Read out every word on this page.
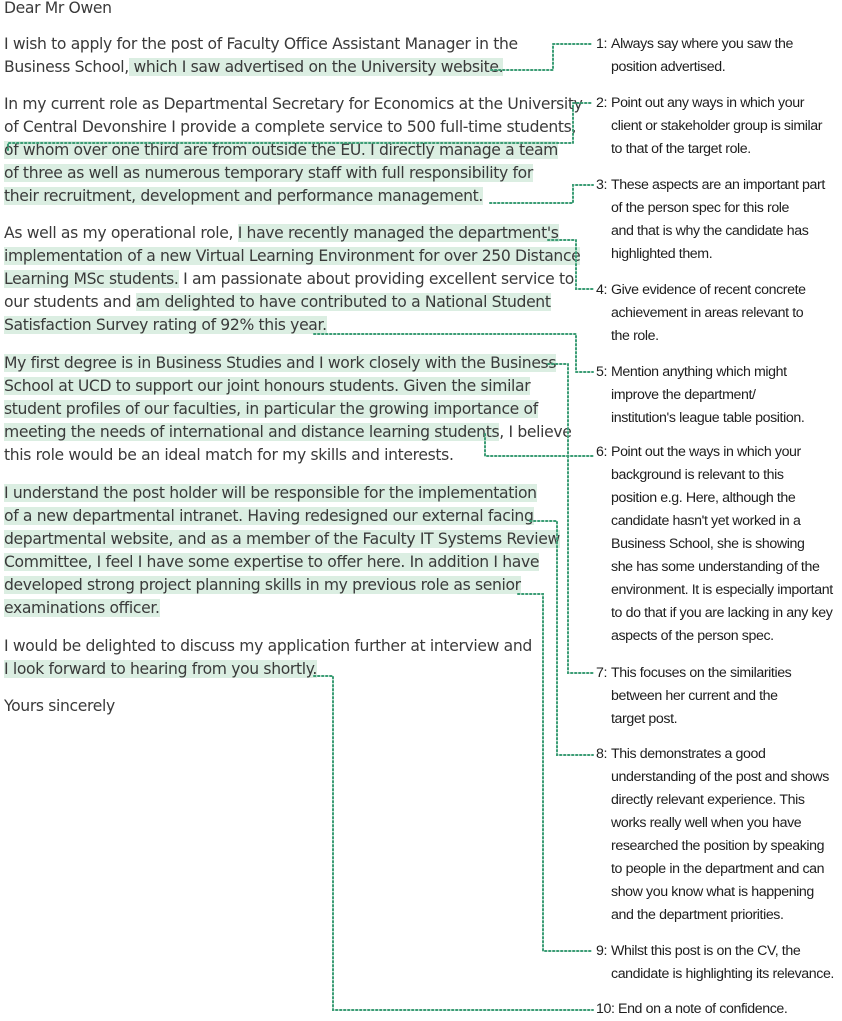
Dear Mr Owen
I wish to apply for the post of Faculty Office Assistant Manager in the
Business School, which I saw advertised on the University website.
In my current role as Departmental Secretary for Economics at the University
of Central Devonshire I provide a complete service to 500 full-time students,
of whom over one third are from outside the EU. I directly manage a team
of three as well as numerous temporary staff with full responsibility for
their recruitment, development and performance management.
As well as my operational role, I have recently managed the department's
implementation of a new Virtual Learning Environment for over 250 Distance
Learning MSc students. I am passionate about providing excellent service to
our students and am delighted to have contributed to a National Student
Satisfaction Survey rating of 92% this year.
My first degree is in Business Studies and I work closely with the Business
School at UCD to support our joint honours students. Given the similar
student profiles of our faculties, in particular the growing importance of
meeting the needs of international and distance learning students, I believe
this role would be an ideal match for my skills and interests.
I understand the post holder will be responsible for the implementation
of a new departmental intranet. Having redesigned our external facing
departmental website, and as a member of the Faculty IT Systems Review
Committee, I feel I have some expertise to offer here. In addition I have
developed strong project planning skills in my previous role as senior
examinations officer.
I would be delighted to discuss my application further at interview and
I look forward to hearing from you shortly.
Yours sincerely
1: Always say where you saw the
position advertised.
2: Point out any ways in which your
client or stakeholder group is similar
to that of the target role.
3: These aspects are an important part
of the person spec for this role
and that is why the candidate has
highlighted them.
4: Give evidence of recent concrete
achievement in areas relevant to
the role.
5: Mention anything which might
improve the department/
institution's league table position.
6: Point out the ways in which your
background is relevant to this
position e.g. Here, although the
candidate hasn't yet worked in a
Business School, she is showing
she has some understanding of the
environment. It is especially important
to do that if you are lacking in any key
aspects of the person spec.
7: This focuses on the similarities
between her current and the
target post.
8: This demonstrates a good
understanding of the post and shows
directly relevant experience. This
works really well when you have
researched the position by speaking
to people in the department and can
show you know what is happening
and the department priorities.
9: Whilst this post is on the CV, the
candidate is highlighting its relevance.
10: End on a note of confidence.
